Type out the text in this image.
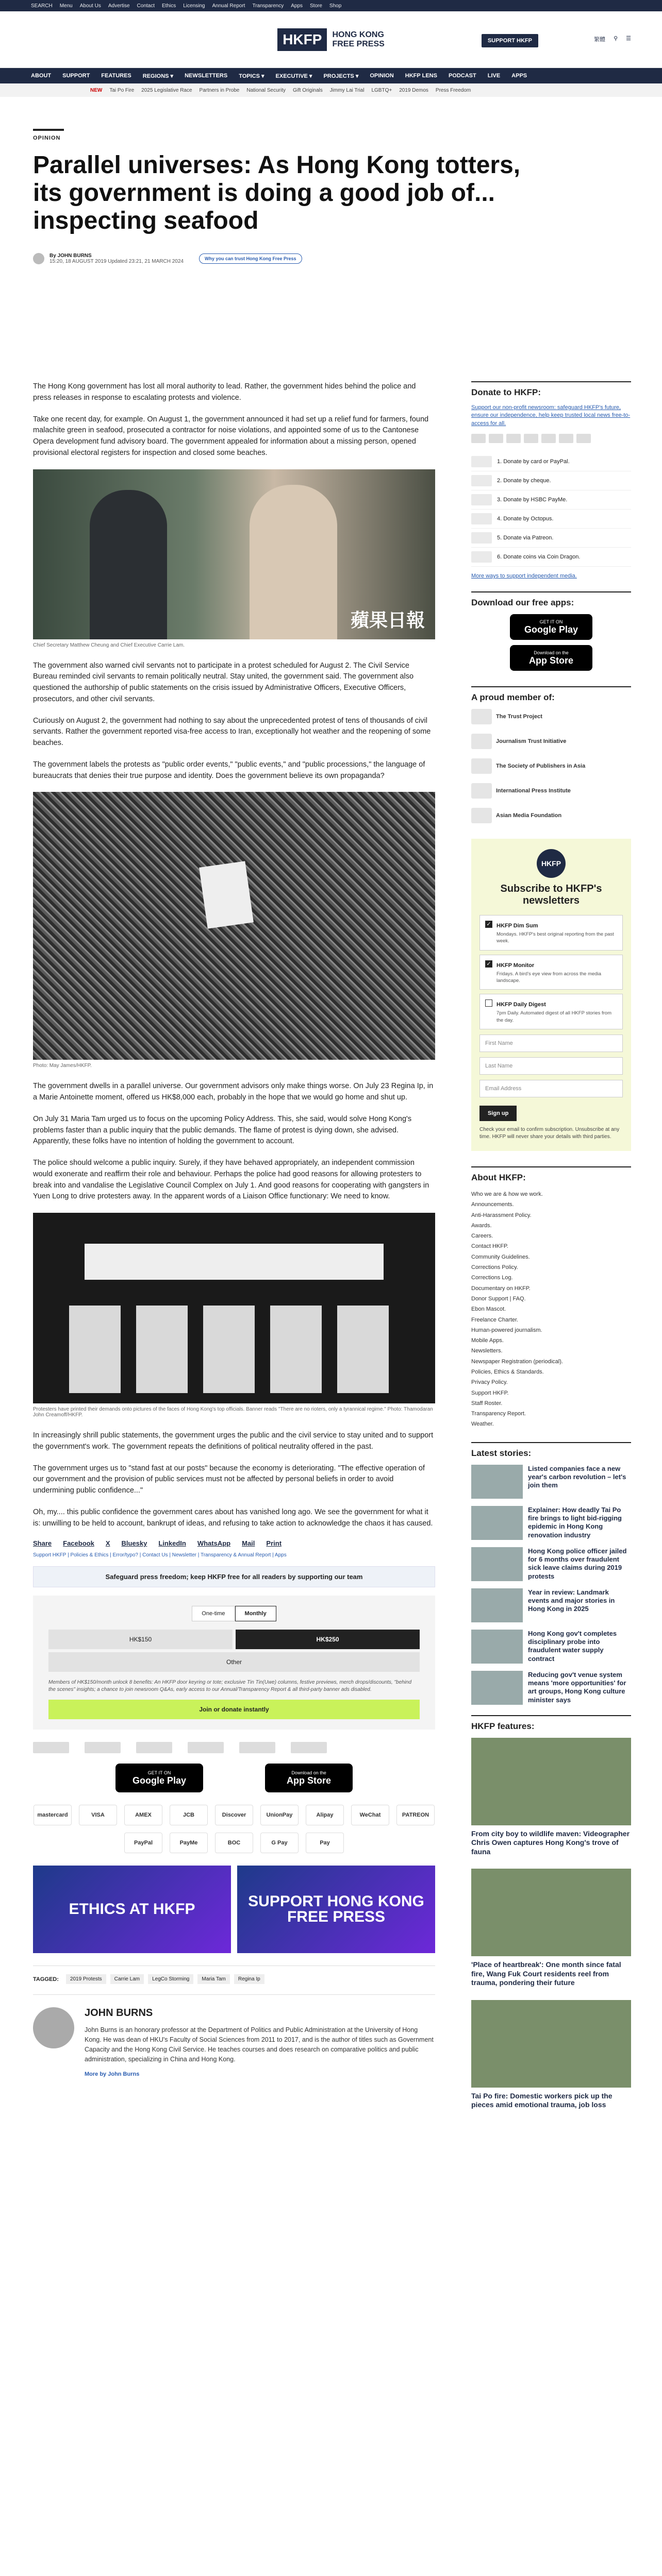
SEARCH Menu About Us Advertise Contact Ethics Licensing Annual Report Transparency Apps Store Shop
HKFP	HONG KONG
FREE PRESS	SUPPORT HKFP	繁體 ⚲ ☰
ABOUT SUPPORT FEATURES REGIONS ▾ NEWSLETTERS TOPICS ▾ EXECUTIVE ▾ PROJECTS ▾ OPINION HKFP LENS PODCAST LIVE APPS
NEW Tai Po Fire 2025 Legislative Race Partners in Probe National Security Gift Originals Jimmy Lai Trial LGBTQ+ 2019 Demos Press Freedom
OPINION
Parallel universes: As Hong Kong totters, its government is doing a good job of... inspecting seafood
By JOHN BURNS
15:20, 18 AUGUST 2019 Updated 23:21, 21 MARCH 2024	Why you can trust Hong Kong Free Press

The Hong Kong government has lost all moral authority to lead. Rather, the government hides behind the police and press releases in response to escalating protests and violence.

Take one recent day, for example. On August 1, the government announced it had set up a relief fund for farmers, found malachite green in seafood, prosecuted a contractor for noise violations, and appointed some of us to the Cantonese Opera development fund advisory board. The government appealed for information about a missing person, opened provisional electoral registers for inspection and closed some beaches.

蘋果日報
Chief Secretary Matthew Cheung and Chief Executive Carrie Lam.

The government also warned civil servants not to participate in a protest scheduled for August 2. The Civil Service Bureau reminded civil servants to remain politically neutral. Stay united, the government said. The government also questioned the authorship of public statements on the crisis issued by Administrative Officers, Executive Officers, prosecutors, and other civil servants.

Curiously on August 2, the government had nothing to say about the unprecedented protest of tens of thousands of civil servants. Rather the government reported visa-free access to Iran, exceptionally hot weather and the reopening of some beaches.

The government labels the protests as "public order events," "public events," and "public processions," the language of bureaucrats that denies their true purpose and identity. Does the government believe its own propaganda?

Photo: May James/HKFP.

The government dwells in a parallel universe. Our government advisors only make things worse. On July 23 Regina Ip, in a Marie Antoinette moment, offered us HK$8,000 each, probably in the hope that we would go home and shut up.

On July 31 Maria Tam urged us to focus on the upcoming Policy Address. This, she said, would solve Hong Kong's problems faster than a public inquiry that the public demands. The flame of protest is dying down, she advised. Apparently, these folks have no intention of holding the government to account.

The police should welcome a public inquiry. Surely, if they have behaved appropriately, an independent commission would exonerate and reaffirm their role and behaviour. Perhaps the police had good reasons for allowing protesters to break into and vandalise the Legislative Council Complex on July 1. And good reasons for cooperating with gangsters in Yuen Long to drive protesters away. In the apparent words of a Liaison Office functionary: We need to know.

Protesters have printed their demands onto pictures of the faces of Hong Kong's top officials. Banner reads "There are no rioters, only a tyrannical regime." Photo: Thamodaran John Creamoff/HKFP.

In increasingly shrill public statements, the government urges the public and the civil service to stay united and to support the government's work. The government repeats the definitions of political neutrality offered in the past.

The government urges us to "stand fast at our posts" because the economy is deteriorating. "The effective operation of our government and the provision of public services must not be affected by personal beliefs in order to avoid undermining public confidence..."

Oh, my.... this public confidence the government cares about has vanished long ago. We see the government for what it is: unwilling to be held to account, bankrupt of ideas, and refusing to take action to acknowledge the chaos it has caused.

Share Facebook X Bluesky LinkedIn WhatsApp Mail Print
Support HKFP | Policies & Ethics | Error/typo? | Contact Us | Newsletter | Transparency & Annual Report | Apps
Safeguard press freedom; keep HKFP free for all readers by supporting our team
One-time	Monthly
HK$150	HK$250
Other
Members of HK$150/month unlock 8 benefits: An HKFP door keyring or tote; exclusive Tin Tin(Uwe) columns, festive previews, merch drops/discounts, "behind the scenes" insights; a chance to join newsroom Q&As, early access to our Annual/Transparency Report & all third-party banner ads disabled.
Join or donate instantly
GET IT ON
Google Play
Download on the
App Store
mastercard	VISA	AMEX	JCB	Discover	UnionPay	Alipay	WeChat	PATREON
PayPal	PayMe	BOC	G Pay	Pay
ETHICS AT HKFP	SUPPORT HONG KONG FREE PRESS
TAGGED:	2019 Protests	Carrie Lam	LegCo Storming	Maria Tam	Regina Ip
JOHN BURNS

John Burns is an honorary professor at the Department of Politics and Public Administration at the University of Hong Kong. He was dean of HKU's Faculty of Social Sciences from 2011 to 2017, and is the author of titles such as Government Capacity and the Hong Kong Civil Service. He teaches courses and does research on comparative politics and public administration, specializing in China and Hong Kong.

More by John Burns
Donate to HKFP:

Support our non-profit newsroom: safeguard HKFP's future, ensure our independence, help keep trusted local news free-to-access for all.

1. Donate by card or PayPal.
2. Donate by cheque.
3. Donate by HSBC PayMe.
4. Donate by Octopus.
5. Donate via Patreon.
6. Donate coins via Coin Dragon.
More ways to support independent media.
Download our free apps:
GET IT ON
Google Play
Download on the
App Store
A proud member of:
The Trust Project
Journalism Trust Initiative
The Society of Publishers in Asia
International Press Institute
Asian Media Foundation
HKFP
Subscribe to HKFP's newsletters
✓ HKFP Dim Sum

Mondays. HKFP's best original reporting from the past week.

✓ HKFP Monitor

Fridays. A bird's eye view from across the media landscape.

HKFP Daily Digest

7pm Daily. Automated digest of all HKFP stories from the day.

First Name
Last Name
Email Address
Sign up
Check your email to confirm subscription. Unsubscribe at any time. HKFP will never share your details with third parties.
About HKFP:
Who we are & how we work.
Announcements.
Anti-Harassment Policy.
Awards.
Careers.
Contact HKFP.
Community Guidelines.
Corrections Policy.
Corrections Log.
Documentary on HKFP.
Donor Support | FAQ.
Ebon Mascot.
Freelance Charter.
Human-powered journalism.
Mobile Apps.
Newsletters.
Newspaper Registration (periodical).
Policies, Ethics & Standards.
Privacy Policy.
Support HKFP.
Staff Roster.
Transparency Report.
Weather.
Latest stories:
Listed companies face a new year's carbon revolution – let's join them
Explainer: How deadly Tai Po fire brings to light bid-rigging epidemic in Hong Kong renovation industry
Hong Kong police officer jailed for 6 months over fraudulent sick leave claims during 2019 protests
Year in review: Landmark events and major stories in Hong Kong in 2025
Hong Kong gov't completes disciplinary probe into fraudulent water supply contract
Reducing gov't venue system means 'more opportunities' for art groups, Hong Kong culture minister says
HKFP features:
From city boy to wildlife maven: Videographer Chris Owen captures Hong Kong's trove of fauna
'Place of heartbreak': One month since fatal fire, Wang Fuk Court residents reel from trauma, pondering their future
Tai Po fire: Domestic workers pick up the pieces amid emotional trauma, job loss
